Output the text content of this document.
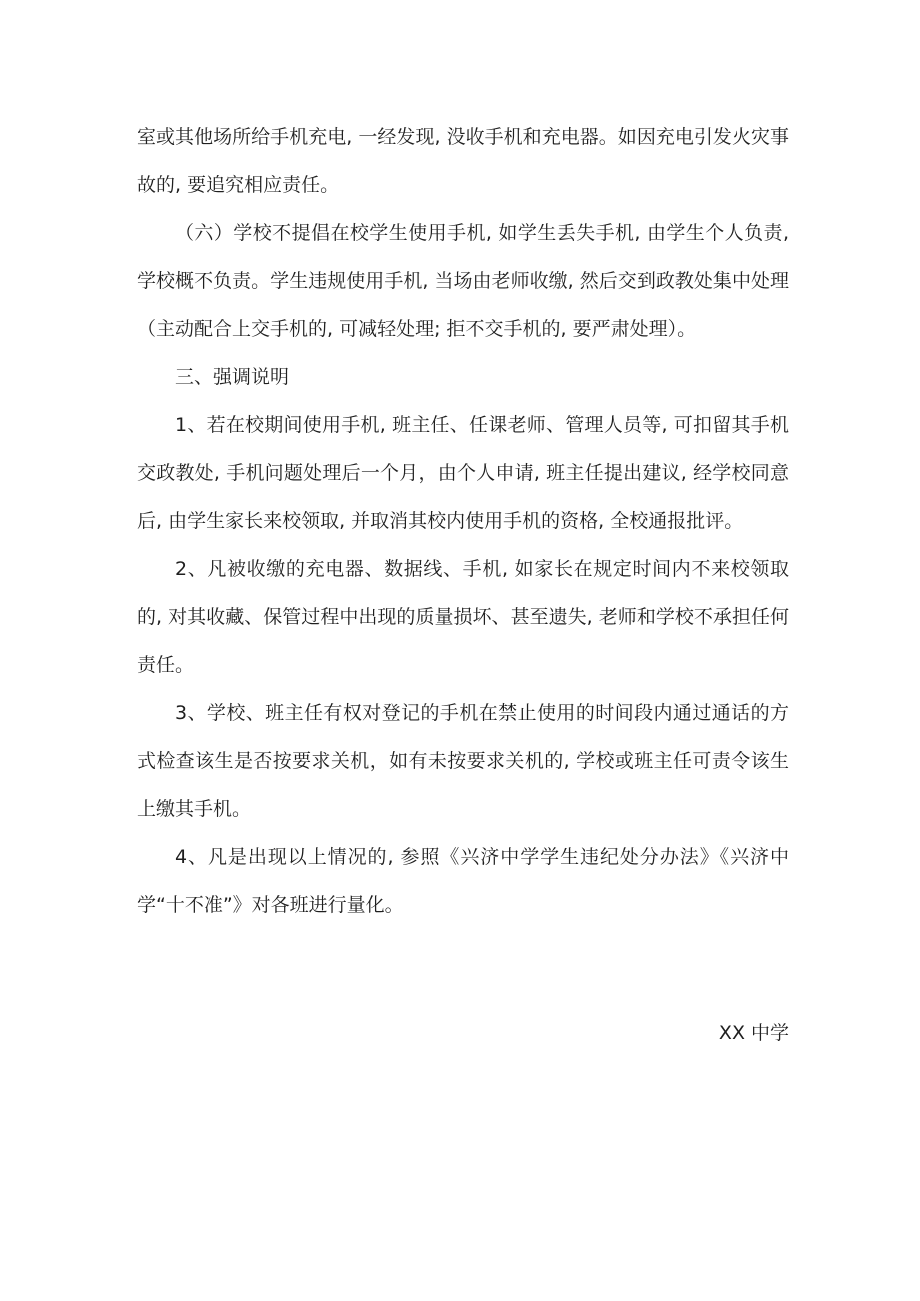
室或其他场所给手机充电, 一经发现, 没收手机和充电器。如因充电引发火灾事故的, 要追究相应责任。

（六）学校不提倡在校学生使用手机, 如学生丢失手机, 由学生个人负责, 学校概不负责。学生违规使用手机, 当场由老师收缴, 然后交到政教处集中处理（主动配合上交手机的, 可减轻处理; 拒不交手机的, 要严肃处理）。

三、强调说明

1、若在校期间使用手机, 班主任、任课老师、管理人员等, 可扣留其手机交政教处, 手机问题处理后一个月，由个人申请, 班主任提出建议, 经学校同意后, 由学生家长来校领取, 并取消其校内使用手机的资格, 全校通报批评。

2、凡被收缴的充电器、数据线、手机, 如家长在规定时间内不来校领取的, 对其收藏、保管过程中出现的质量损坏、甚至遗失, 老师和学校不承担任何责任。

3、学校、班主任有权对登记的手机在禁止使用的时间段内通过通话的方式检查该生是否按要求关机，如有未按要求关机的, 学校或班主任可责令该生上缴其手机。

4、凡是出现以上情况的, 参照《兴济中学学生违纪处分办法》《兴济中学“十不准”》对各班进行量化。

XX 中学
